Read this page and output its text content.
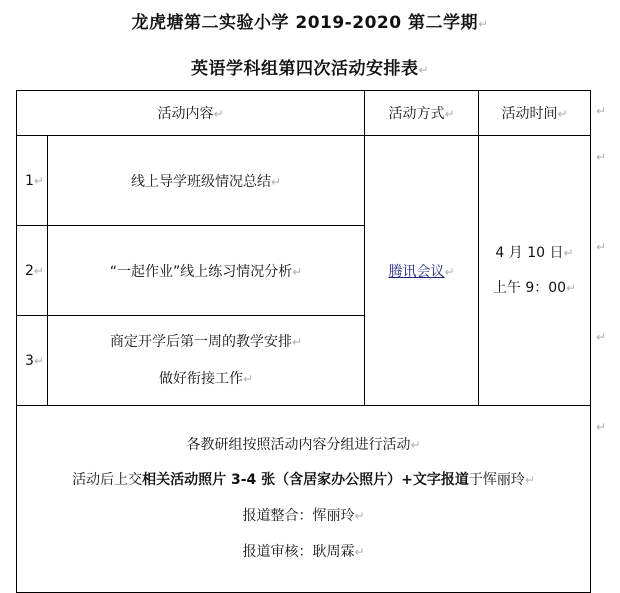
龙虎塘第二实验小学 2019-2020 第二学期↵
英语学科组第四次活动安排表↵
活动内容↵		活动方式↵	活动时间↵
1↵	线上导学班级情况总结↵	腾讯会议↵	4 月 10 日↵
上午 9：00↵

2↵	“一起作业”线上练习情况分析↵		
3↵	商定开学后第一周的教学安排↵
做好衔接工作↵		

各教研组按照活动内容分组进行活动↵
活动后上交相关活动照片 3-4 张（含居家办公照片）+文字报道于恽丽玲↵
报道整合：恽丽玲↵
报道审核：耿周霖↵			
↵
↵
↵
↵
↵
